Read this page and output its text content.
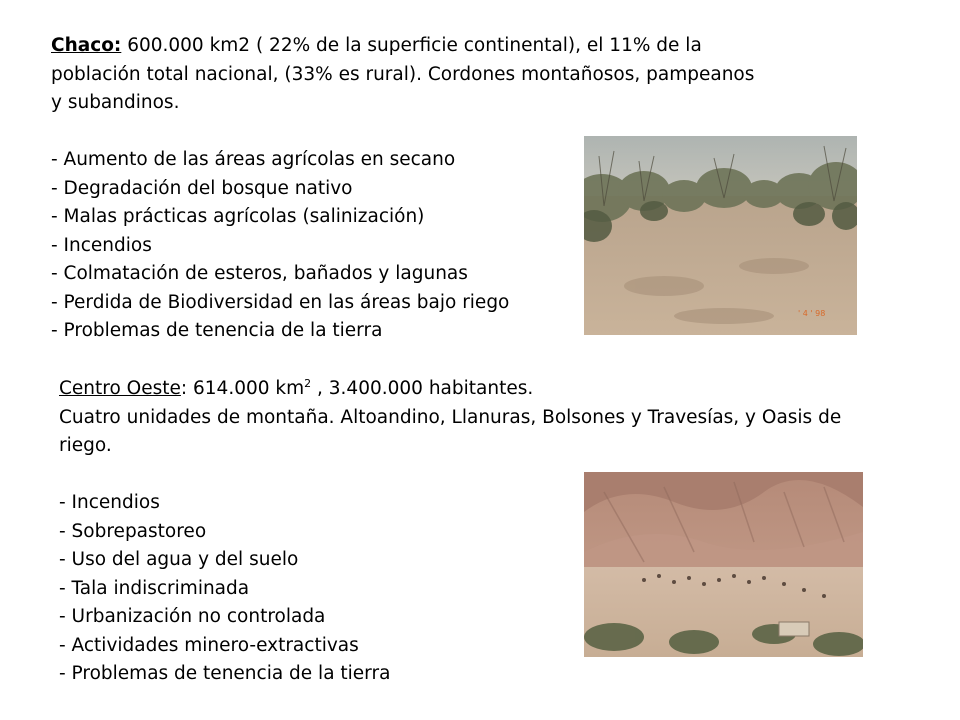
Chaco: 600.000 km2 ( 22% de la superficie continental), el 11% de la

población total nacional, (33% es rural). Cordones montañosos, pampeanos

y subandinos.

- Aumento de las áreas agrícolas en secano

- Degradación del bosque nativo

- Malas prácticas agrícolas (salinización)

- Incendios

- Colmatación de esteros, bañados y lagunas

- Perdida de Biodiversidad en las áreas bajo riego

- Problemas de tenencia de la tierra

' 4 ' 98

Centro Oeste: 614.000 $km^2$ , 3.400.000 habitantes.

Cuatro unidades de montaña. Altoandino, Llanuras, Bolsones y Travesías, y Oasis de

riego.

- Incendios

- Sobrepastoreo

- Uso del agua y del suelo

- Tala indiscriminada

- Urbanización no controlada

- Actividades minero-extractivas

- Problemas de tenencia de la tierra
